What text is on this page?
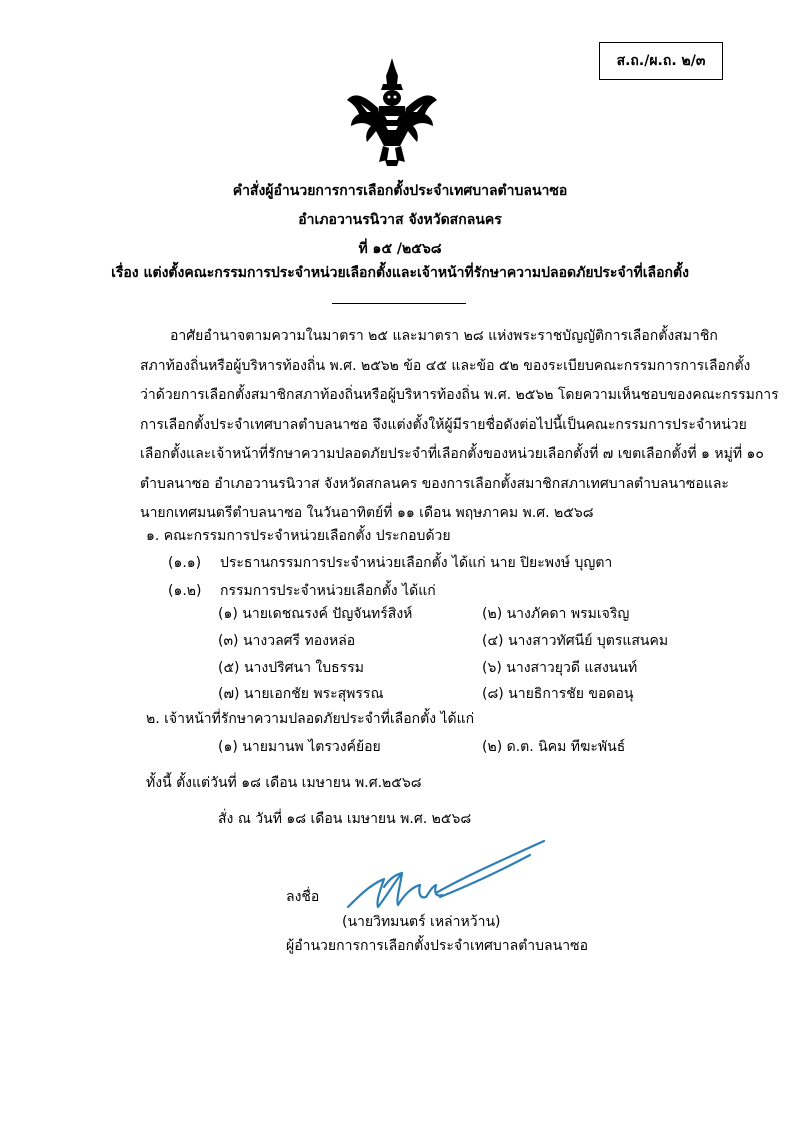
ส.ถ./ผ.ถ. ๒/๓
คำสั่งผู้อำนวยการการเลือกตั้งประจำเทศบาลตำบลนาซอ
อำเภอวานรนิวาส จังหวัดสกลนคร
ที่ ๑๕ /๒๕๖๘
เรื่อง แต่งตั้งคณะกรรมการประจำหน่วยเลือกตั้งและเจ้าหน้าที่รักษาความปลอดภัยประจำที่เลือกตั้ง
อาศัยอำนาจตามความในมาตรา ๒๕ และมาตรา ๒๘ แห่งพระราชบัญญัติการเลือกตั้งสมาชิก
สภาท้องถิ่นหรือผู้บริหารท้องถิ่น พ.ศ. ๒๕๖๒ ข้อ ๔๕ และข้อ ๕๒ ของระเบียบคณะกรรมการการเลือกตั้ง
ว่าด้วยการเลือกตั้งสมาชิกสภาท้องถิ่นหรือผู้บริหารท้องถิ่น พ.ศ. ๒๕๖๒ โดยความเห็นชอบของคณะกรรมการ
การเลือกตั้งประจำเทศบาลตำบลนาซอ จึงแต่งตั้งให้ผู้มีรายชื่อดังต่อไปนี้เป็นคณะกรรมการประจำหน่วย
เลือกตั้งและเจ้าหน้าที่รักษาความปลอดภัยประจำที่เลือกตั้งของหน่วยเลือกตั้งที่ ๗ เขตเลือกตั้งที่ ๑ หมู่ที่ ๑๐
ตำบลนาซอ อำเภอวานรนิวาส จังหวัดสกลนคร ของการเลือกตั้งสมาชิกสภาเทศบาลตำบลนาซอและ
นายกเทศมนตรีตำบลนาซอ ในวันอาทิตย์ที่ ๑๑ เดือน พฤษภาคม พ.ศ. ๒๕๖๘
๑. คณะกรรมการประจำหน่วยเลือกตั้ง ประกอบด้วย
(๑.๑) ประธานกรรมการประจำหน่วยเลือกตั้ง ได้แก่ นาย ปิยะพงษ์ บุญตา
(๑.๒) กรรมการประจำหน่วยเลือกตั้ง ได้แก่
(๑) นายเดชณรงค์ ปัญจันทร์สิงห์	(๒) นางภัคดา พรมเจริญ
(๓) นางวลศรี ทองหล่อ	(๔) นางสาวทัศนีย์ บุตรแสนคม
(๕) นางปริศนา ใบธรรม	(๖) นางสาวยุวดี แสงนนท์
(๗) นายเอกชัย พระสุพรรณ	(๘) นายธิการชัย ขอดอนุ
๒. เจ้าหน้าที่รักษาความปลอดภัยประจำที่เลือกตั้ง ได้แก่
(๑) นายมานพ ไตรวงค์ย้อย	(๒) ด.ต. นิคม ทีฆะพันธ์
ทั้งนี้ ตั้งแต่วันที่ ๑๘ เดือน เมษายน พ.ศ.๒๕๖๘
สั่ง ณ วันที่ ๑๘ เดือน เมษายน พ.ศ. ๒๕๖๘
ลงชื่อ
(นายวิทมนตร์ เหล่าหว้าน)
ผู้อำนวยการการเลือกตั้งประจำเทศบาลตำบลนาซอ
